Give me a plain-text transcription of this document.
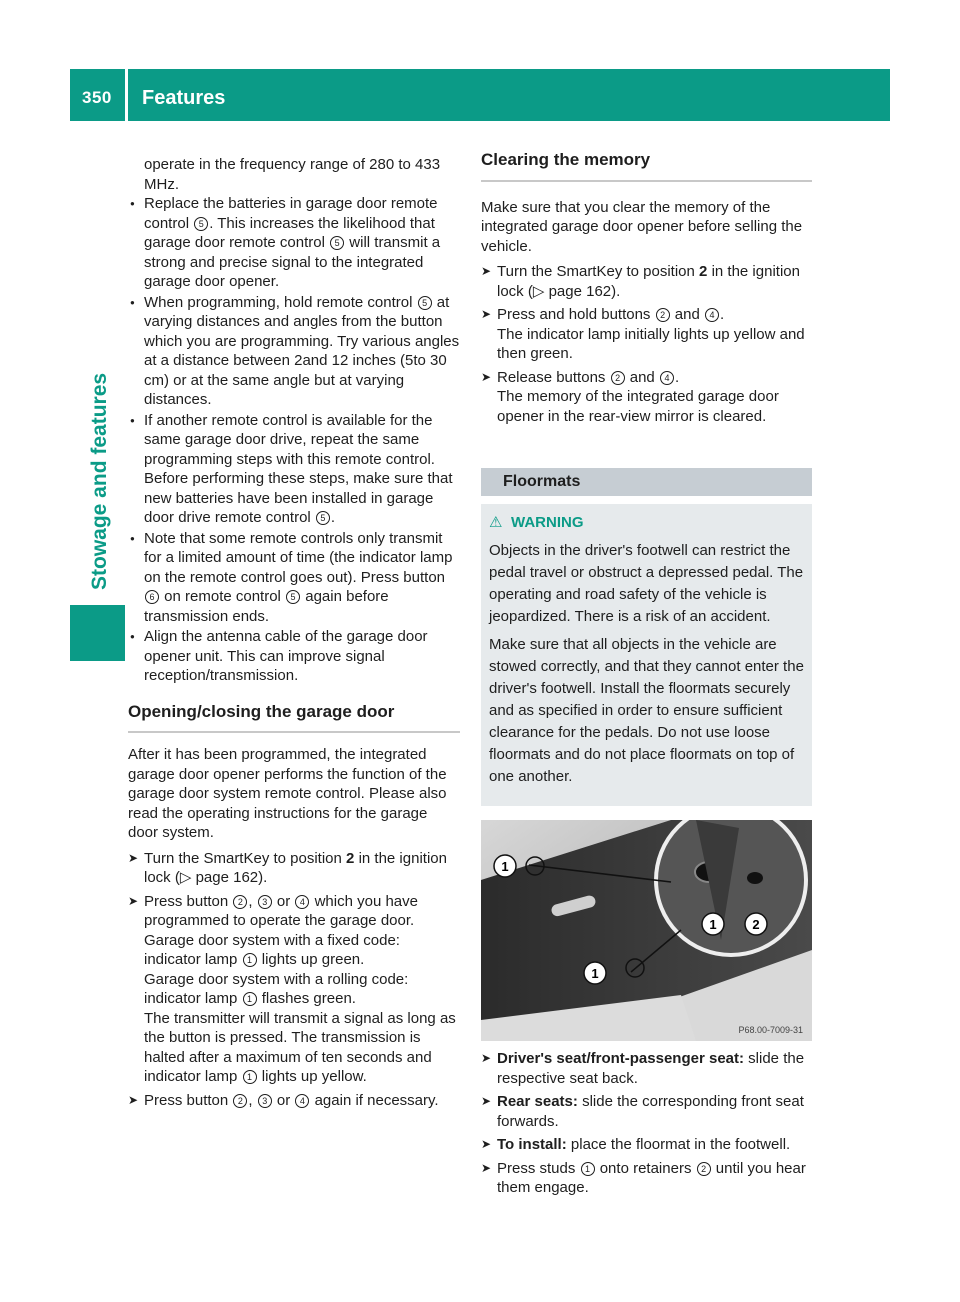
350 Features
Stowage and features

operate in the frequency range of 280 to 433 MHz.

● Replace the batteries in garage door remote control 5 . This increases the likelihood that garage door remote control 5 will transmit a strong and precise signal to the integrated garage door opener.
● When programming, hold remote control 5 at varying distances and angles from the button which you are programming. Try various angles at a distance between 2and 12 inches (5to 30 cm) or at the same angle but at varying distances.
● If another remote control is available for the same garage door drive, repeat the same programming steps with this remote control. Before performing these steps, make sure that new batteries have been installed in garage door drive remote control 5 .
● Note that some remote controls only transmit for a limited amount of time (the indicator lamp on the remote control goes out). Press button 6 on remote control 5 again before transmission ends.
● Align the antenna cable of the garage door opener unit. This can improve signal reception/transmission.
Opening/closing the garage door

After it has been programmed, the integrated garage door opener performs the function of the garage door system remote control. Please also read the operating instructions for the garage door system.

➤ Turn the SmartKey to position 2 in the ignition lock (▷ page 162).
➤ Press button 2 , 3 or 4 which you have programmed to operate the garage door.
Garage door system with a fixed code: indicator lamp 1 lights up green.
Garage door system with a rolling code: indicator lamp 1 flashes green.
The transmitter will transmit a signal as long as the button is pressed. The transmission is halted after a maximum of ten seconds and indicator lamp 1 lights up yellow.
➤ Press button 2 , 3 or 4 again if necessary.
Clearing the memory

Make sure that you clear the memory of the integrated garage door opener before selling the vehicle.

➤ Turn the SmartKey to position 2 in the ignition lock (▷ page 162).
➤ Press and hold buttons 2 and 4 .
The indicator lamp initially lights up yellow and then green.
➤ Release buttons 2 and 4 .
The memory of the integrated garage door opener in the rear-view mirror is cleared.
Floormats
⚠ WARNING

Objects in the driver's footwell can restrict the pedal travel or obstruct a depressed pedal. The operating and road safety of the vehicle is jeopardized. There is a risk of an accident.

Make sure that all objects in the vehicle are stowed correctly, and that they cannot enter the driver's footwell. Install the floormats securely and as specified in order to ensure sufficient clearance for the pedals. Do not use loose floormats and do not place floormats on top of one another.

1
1	2
1
P68.00-7009-31
➤ Driver's seat/front-passenger seat: slide the respective seat back.
➤ Rear seats: slide the corresponding front seat forwards.
➤ To install: place the floormat in the footwell.
➤ Press studs 1 onto retainers 2 until you hear them engage.
